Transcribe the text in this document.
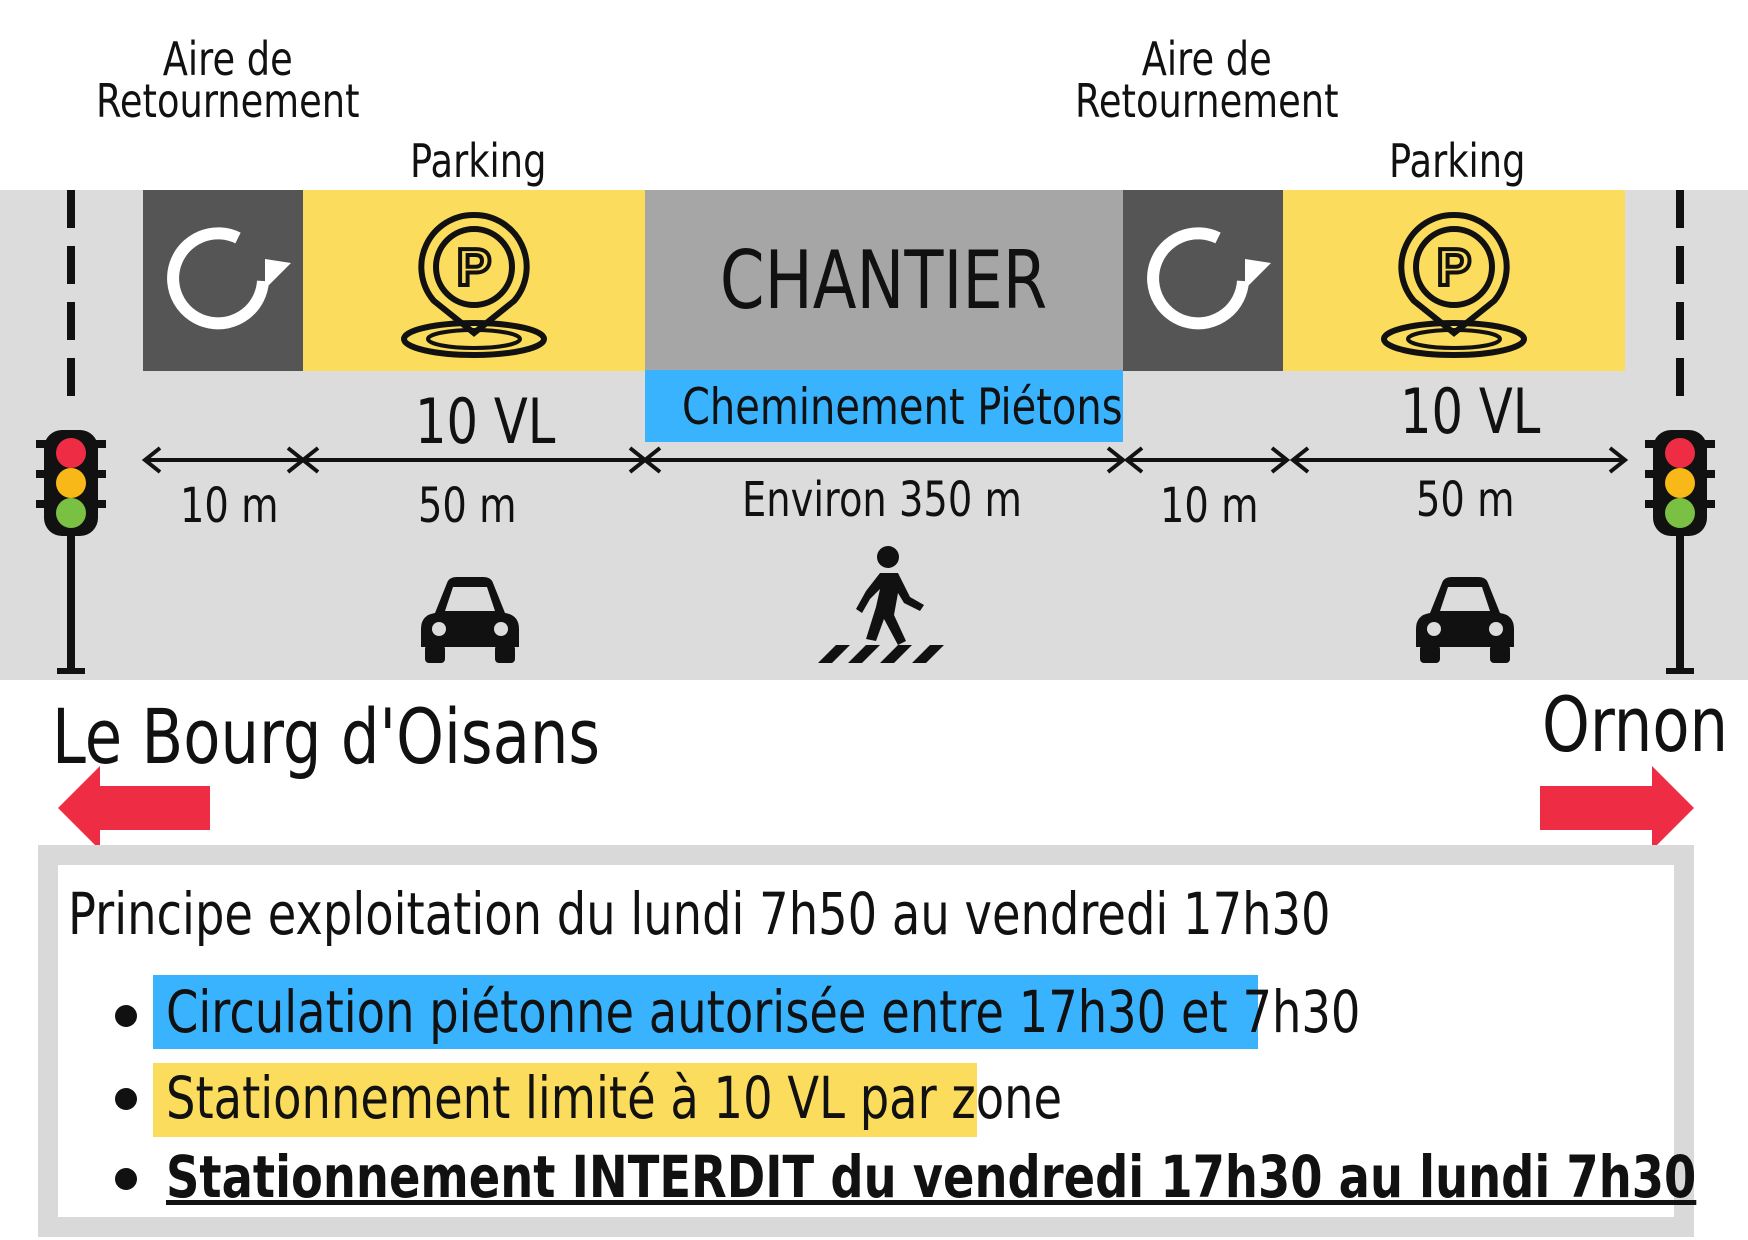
Aire de
Retournement
Aire de
Retournement
Parking	Parking
P	CHANTIER	P
Cheminement Piétons
10 VL	10 VL
10 m	50 m	Environ 350 m	10 m	50 m
Le Bourg d'Oisans	Ornon
Principe exploitation du lundi 7h50 au vendredi 17h30
Circulation piétonne autorisée entre 17h30 et 7h30
Stationnement limité à 10 VL par zone
Stationnement INTERDIT du vendredi 17h30 au lundi 7h30
